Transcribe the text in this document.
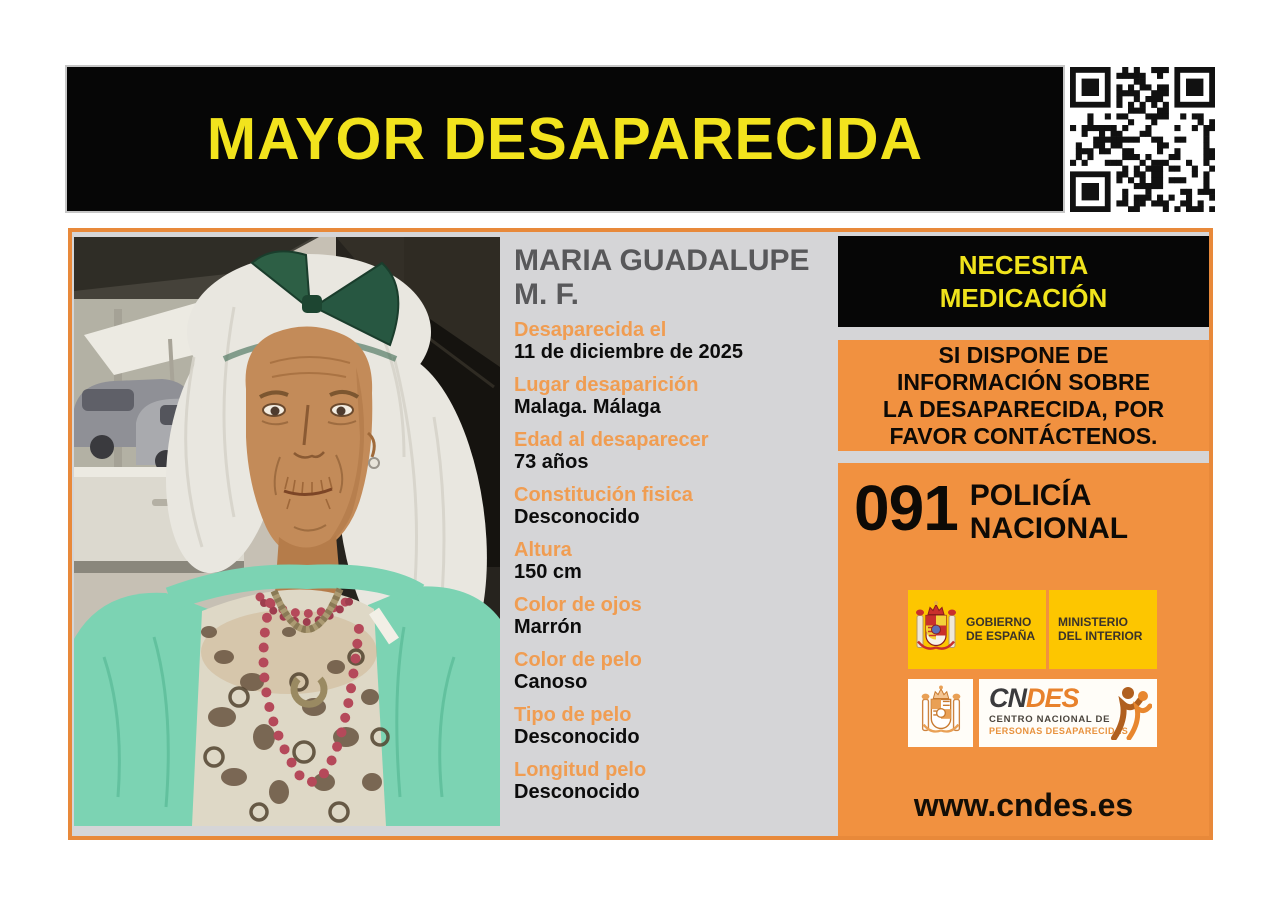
MAYOR DESAPARECIDA
MARIA GUADALUPE M. F.
Desaparecida el
11 de diciembre de 2025
Lugar desaparición
Malaga. Málaga
Edad al desaparecer
73 años
Constitución fisica
Desconocido
Altura
150 cm
Color de ojos
Marrón
Color de pelo
Canoso
Tipo de pelo
Desconocido
Longitud pelo
Desconocido
NECESITA MEDICACIÓN
SI DISPONE DE INFORMACIÓN SOBRE LA DESAPARECIDA, POR FAVOR CONTÁCTENOS.
091 POLICÍA NACIONAL
GOBIERNO DE ESPAÑA
MINISTERIO DEL INTERIOR
CNDES
CENTRO NACIONAL DE
PERSONAS DESAPARECIDAS
www.cndes.es
